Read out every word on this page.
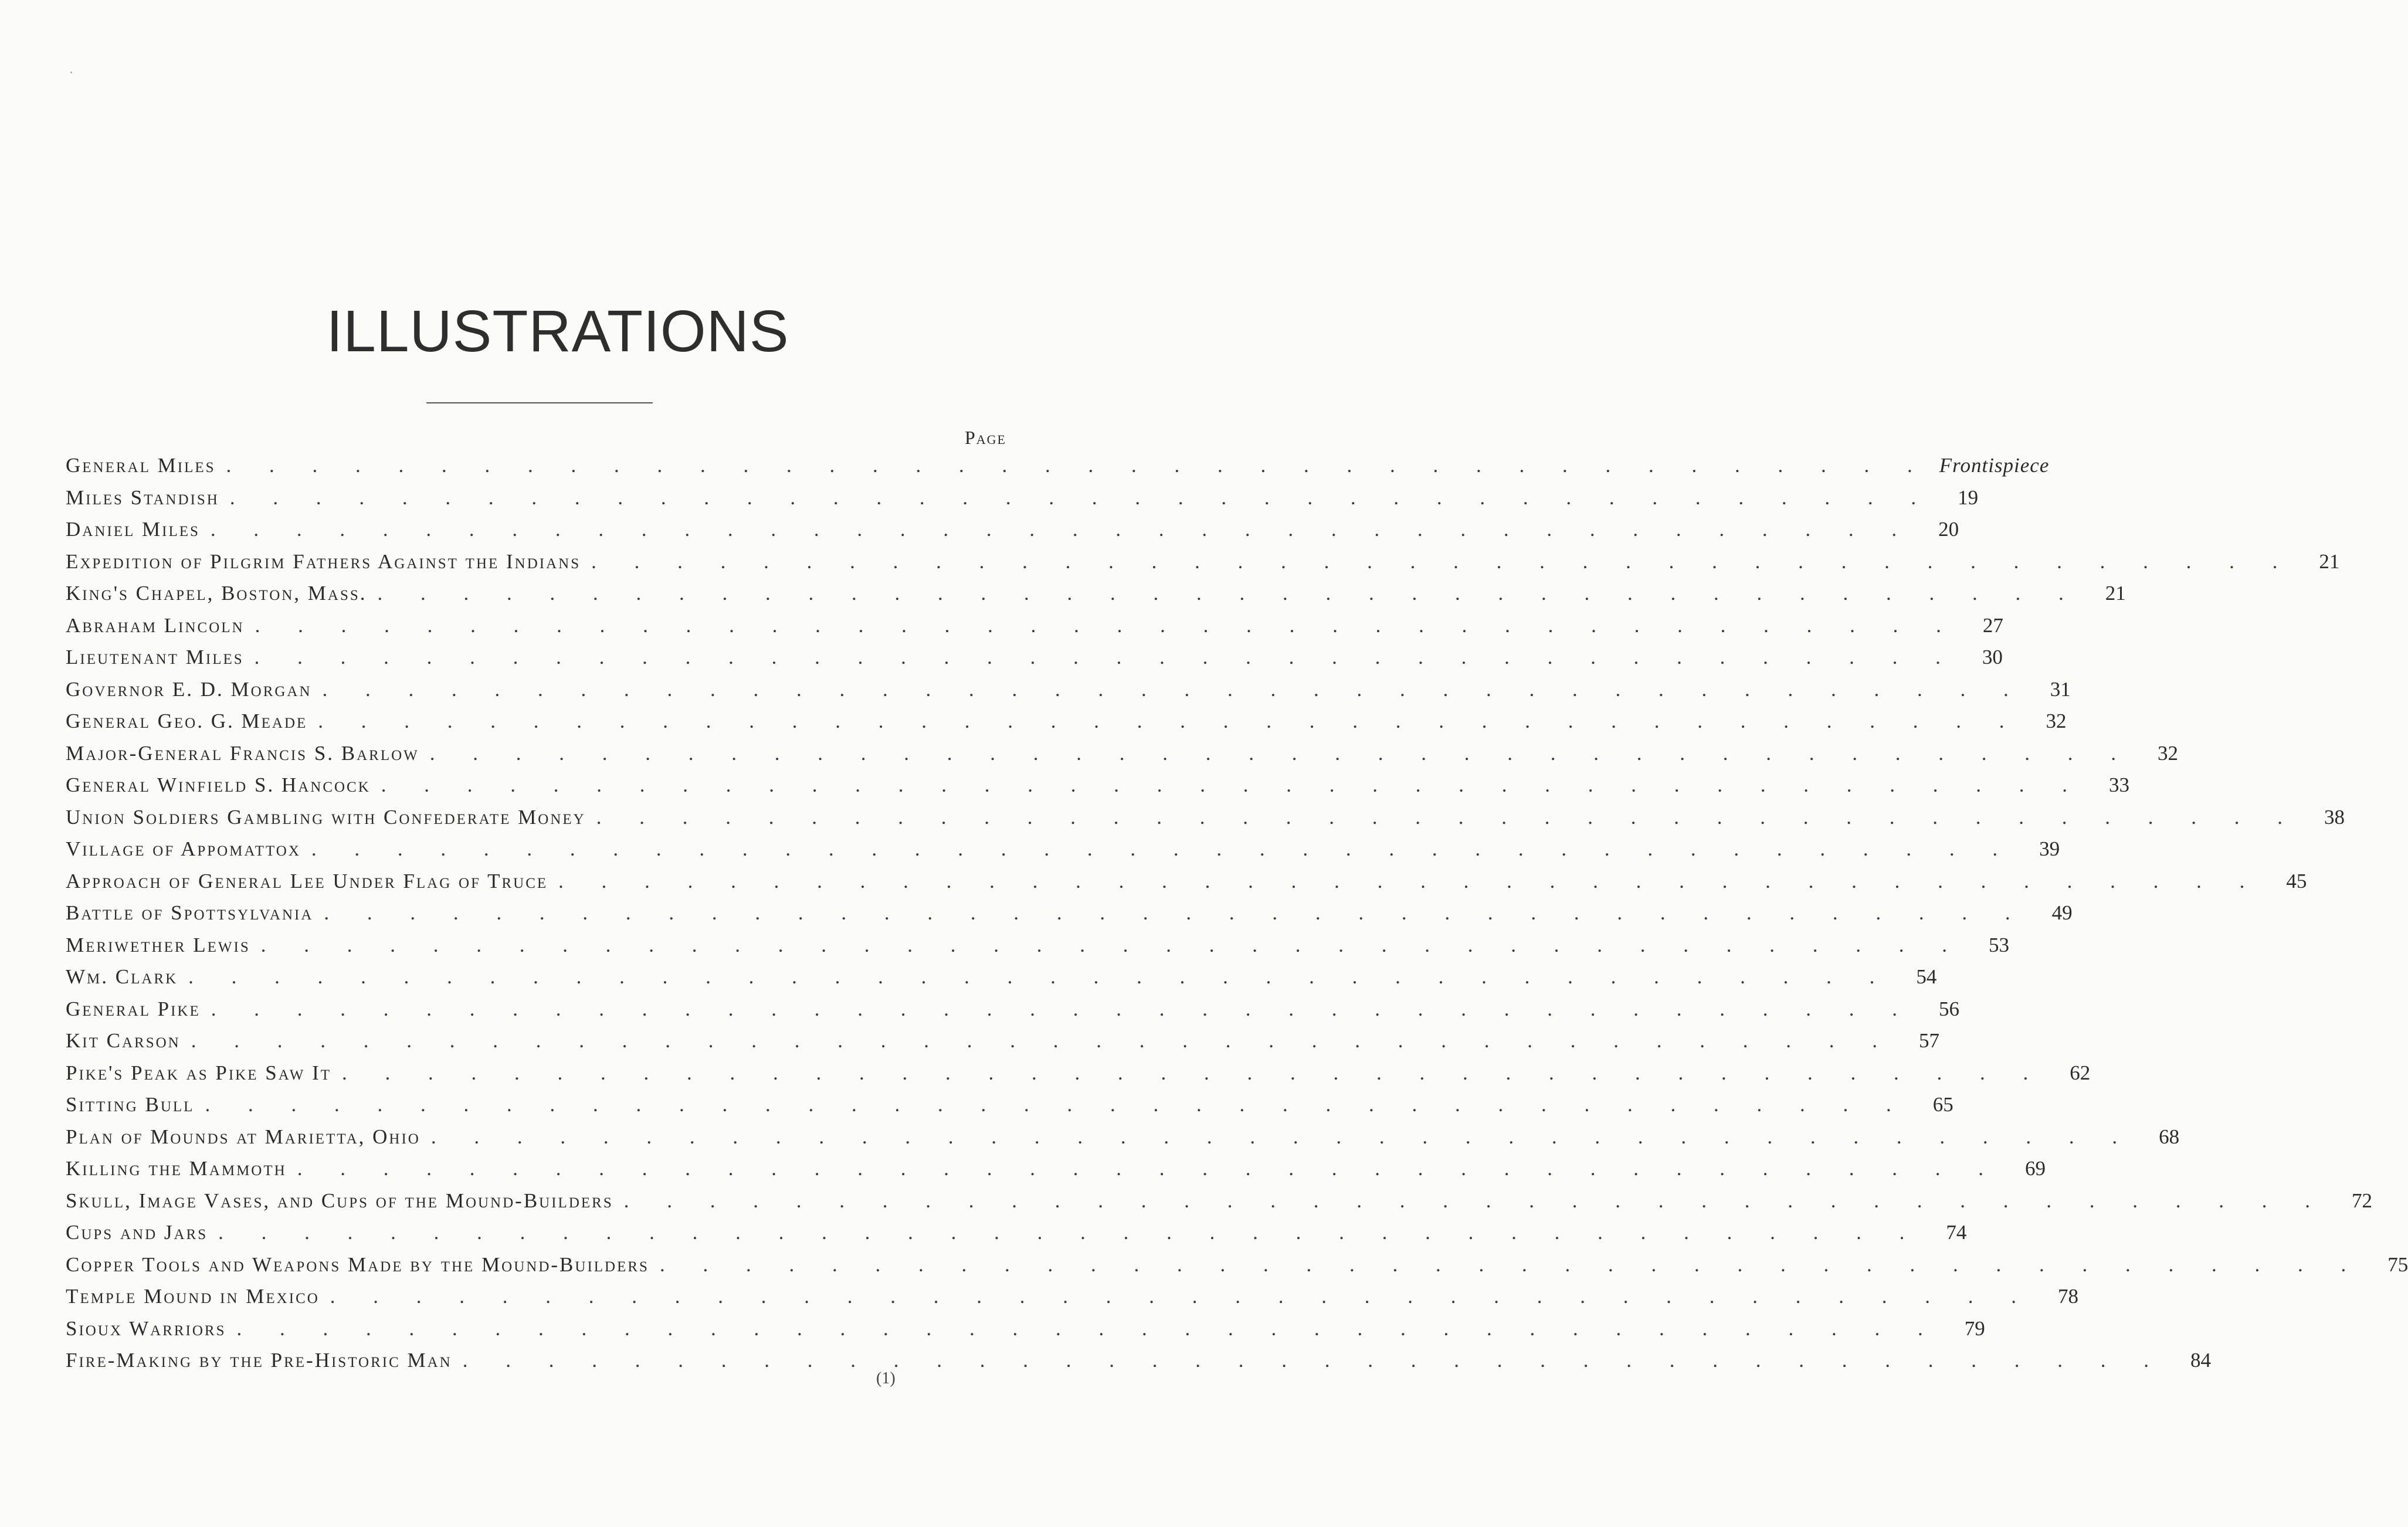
ILLUSTRATIONS
Page
General Miles . . . . . . . . . . . . . . . . . . . . . . . . . . . . . . . . . . . . . . . . Frontispiece
Miles Standish . . . . . . . . . . . . . . . . . . . . . . . . . . . . . . . . . . . . . . . .	19
Daniel Miles . . . . . . . . . . . . . . . . . . . . . . . . . . . . . . . . . . . . . . . .	20
Expedition of Pilgrim Fathers Against the Indians . . . . . . . . . . . . . . . . . . . . . . . . . . . . . . . . . . . . . . . .	21
King's Chapel, Boston, Mass. . . . . . . . . . . . . . . . . . . . . . . . . . . . . . . . . . . . . . . . .	21
Abraham Lincoln . . . . . . . . . . . . . . . . . . . . . . . . . . . . . . . . . . . . . . . .	27
Lieutenant Miles . . . . . . . . . . . . . . . . . . . . . . . . . . . . . . . . . . . . . . . .	30
Governor E. D. Morgan . . . . . . . . . . . . . . . . . . . . . . . . . . . . . . . . . . . . . . . .	31
General Geo. G. Meade . . . . . . . . . . . . . . . . . . . . . . . . . . . . . . . . . . . . . . . .	32
Major-General Francis S. Barlow . . . . . . . . . . . . . . . . . . . . . . . . . . . . . . . . . . . . . . . .	32
General Winfield S. Hancock . . . . . . . . . . . . . . . . . . . . . . . . . . . . . . . . . . . . . . . .	33
Union Soldiers Gambling with Confederate Money . . . . . . . . . . . . . . . . . . . . . . . . . . . . . . . . . . . . . . . .	38
Village of Appomattox . . . . . . . . . . . . . . . . . . . . . . . . . . . . . . . . . . . . . . . .	39
Approach of General Lee Under Flag of Truce . . . . . . . . . . . . . . . . . . . . . . . . . . . . . . . . . . . . . . . .	45
Battle of Spottsylvania . . . . . . . . . . . . . . . . . . . . . . . . . . . . . . . . . . . . . . . .	49
Meriwether Lewis . . . . . . . . . . . . . . . . . . . . . . . . . . . . . . . . . . . . . . . .	53
Wm. Clark . . . . . . . . . . . . . . . . . . . . . . . . . . . . . . . . . . . . . . . .	54
General Pike . . . . . . . . . . . . . . . . . . . . . . . . . . . . . . . . . . . . . . . .	56
Kit Carson . . . . . . . . . . . . . . . . . . . . . . . . . . . . . . . . . . . . . . . .	57
Pike's Peak as Pike Saw It . . . . . . . . . . . . . . . . . . . . . . . . . . . . . . . . . . . . . . . .	62
Sitting Bull . . . . . . . . . . . . . . . . . . . . . . . . . . . . . . . . . . . . . . . .	65
Plan of Mounds at Marietta, Ohio . . . . . . . . . . . . . . . . . . . . . . . . . . . . . . . . . . . . . . . .	68
Killing the Mammoth . . . . . . . . . . . . . . . . . . . . . . . . . . . . . . . . . . . . . . . .	69
Skull, Image Vases, and Cups of the Mound-Builders . . . . . . . . . . . . . . . . . . . . . . . . . . . . . . . . . . . . . . . .	72
Cups and Jars . . . . . . . . . . . . . . . . . . . . . . . . . . . . . . . . . . . . . . . .	74
Copper Tools and Weapons Made by the Mound-Builders . . . . . . . . . . . . . . . . . . . . . . . . . . . . . . . . . . . . . . . .	75
Temple Mound in Mexico . . . . . . . . . . . . . . . . . . . . . . . . . . . . . . . . . . . . . . . .	78
Sioux Warriors . . . . . . . . . . . . . . . . . . . . . . . . . . . . . . . . . . . . . . . .	79
Fire-Making by the Pre-Historic Man . . . . . . . . . . . . . . . . . . . . . . . . . . . . . . . . . . . . . . . .	84
(1)
